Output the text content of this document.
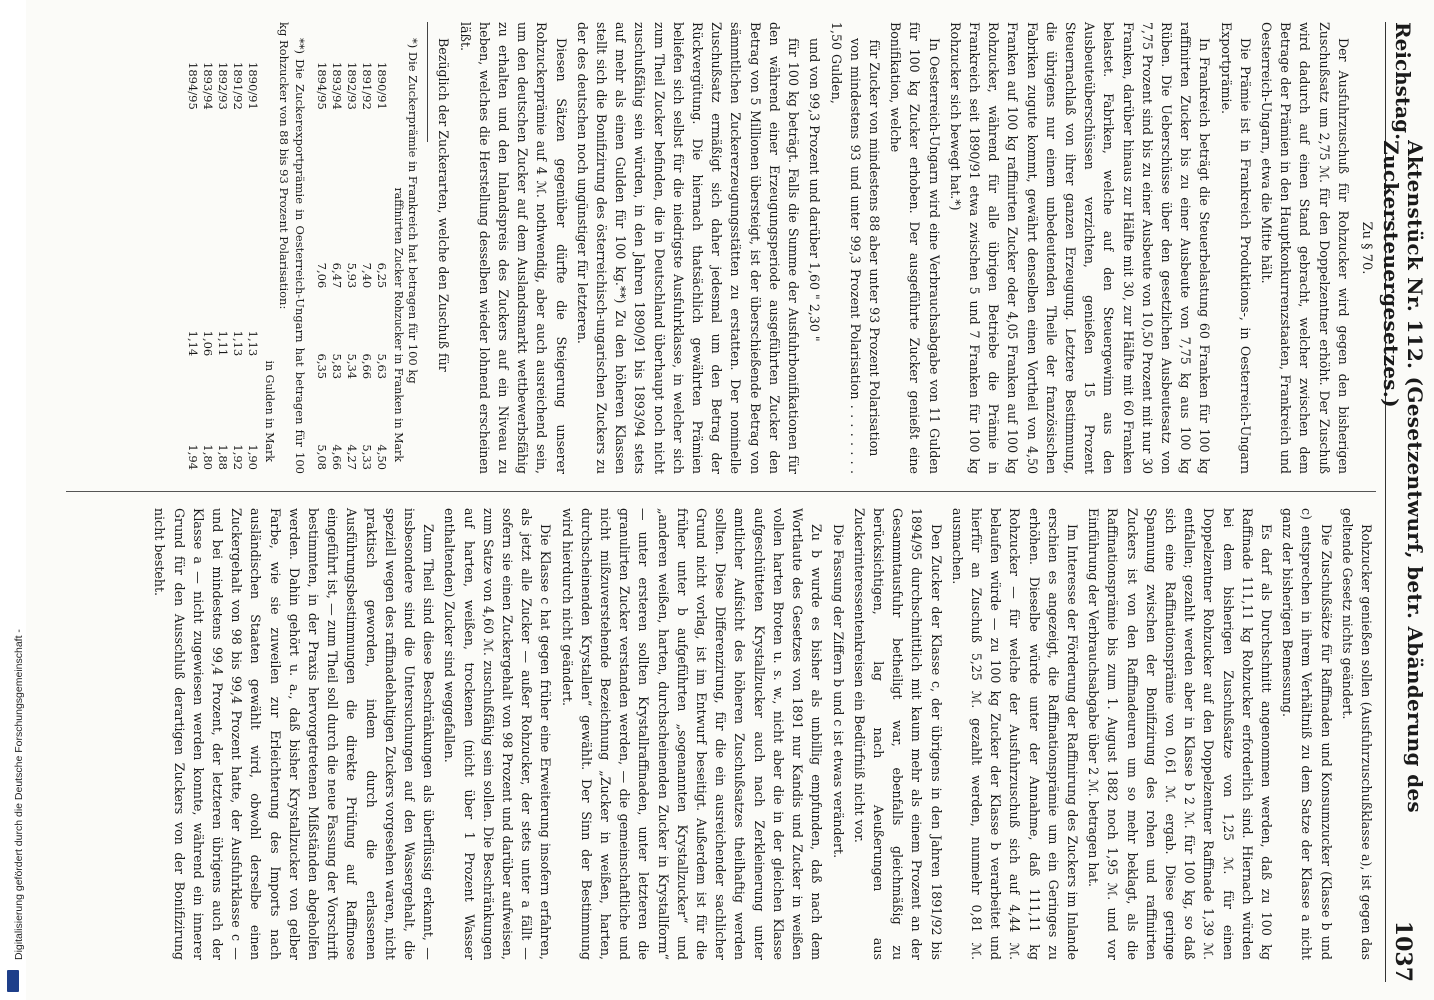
Digitalisierung gefördert durch die Deutsche Forschungsgemeinschaft -
Reichstag.
Aktenstück Nr. 112. (Gesetzentwurf, betr. Abänderung des Zuckersteuergesetzes.)
1037

Zu § 70.

Der Ausfuhrzuschuß für Rohzucker wird gegen den bisherigen Zuschußsatz um 2,75 ℳ. für den Doppelzentner erhöht. Der Zuschuß wird dadurch auf einen Stand gebracht, welcher zwischen dem Betrage der Prämien in den Hauptkonkurrenzstaaten, Frankreich und Oesterreich-Ungarn, etwa die Mitte hält.

Die Prämie ist in Frankreich Produktions-, in Oesterreich-Ungarn Exportprämie.

In Frankreich beträgt die Steuerbelastung 60 Franken für 100 kg raffinirten Zucker bis zu einer Ausbeute von 7,75 kg aus 100 kg Rüben. Die Ueberschüsse über den gesetzlichen Ausbeutesatz von 7,75 Prozent sind bis zu einer Ausbeute von 10,50 Prozent mit nur 30 Franken, darüber hinaus zur Hälfte mit 30, zur Hälfte mit 60 Franken belastet. Fabriken, welche auf den Steuergewinn aus den Ausbeuteüberschüssen verzichten, genießen 15 Prozent Steuernachlaß von ihrer ganzen Erzeugung. Letztere Bestimmung, die übrigens nur einem unbedeutenden Theile der französischen Fabriken zugute kommt, gewährt denselben einen Vortheil von 4,50 Franken auf 100 kg raffinirten Zucker oder 4,05 Franken auf 100 kg Rohzucker, während für alle übrigen Betriebe die Prämie in Frankreich seit 1890/91 etwa zwischen 5 und 7 Franken für 100 kg Rohzucker sich bewegt hat.*)

In Oesterreich-Ungarn wird eine Verbrauchsabgabe von 11 Gulden für 100 kg Zucker erhoben. Der ausgeführte Zucker genießt eine Bonifikation, welche

für Zucker von mindestens 88 aber unter 93 Prozent Polarisation

von mindestens 93 und unter 99,3 Prozent Polarisation . . . . . . . . 1,50 Gulden,

und von 99,3 Prozent und darüber 1,60 " 2,30 "

für 100 kg beträgt. Falls die Summe der Ausfuhrbonifikationen für den während einer Erzeugungsperiode ausgeführten Zucker den Betrag von 5 Millionen übersteigt, ist der überschießende Betrag von sämmtlichen Zuckererzeugungsstätten zu erstatten. Der nominelle Zuschußsatz ermäßigt sich daher jedesmal um den Betrag der Rückvergütung. Die hiernach thatsächlich gewährten Prämien beliefen sich selbst für die niedrigste Ausfuhrklasse, in welcher sich zum Theil Zucker befinden, die in Deutschland überhaupt noch nicht zuschußfähig sein würden, in den Jahren 1890/91 bis 1893/94 stets auf mehr als einen Gulden für 100 kg.**) Zu den höheren Klassen stellt sich die Bonifizirung des österreichisch-ungarischen Zuckers zu der des deutschen noch ungünstiger für letzteren.

Diesen Sätzen gegenüber dürfte die Steigerung unserer Rohzuckerprämie auf 4 ℳ. nothwendig, aber auch ausreichend sein, um den deutschen Zucker auf dem Auslandsmarkt wettbewerbsfähig zu erhalten und den Inlandspreis des Zuckers auf ein Niveau zu heben, welches die Herstellung desselben wieder lohnend erscheinen läßt.

Bezüglich der Zuckerarten, welche den Zuschuß für

*) Die Zuckerprämie in Frankreich hat betragen für 100 kg

raffinirten Zucker Rohzucker in Franken in Mark
1890/91	6,25	5,63	4,50
1891/92	7,40	6,66	5,33
1892/93	5,93	5,34	4,27
1893/94	6,47	5,83	4,66
1894/95	7,06	6,35	5,08

**) Die Zuckerexportprämie in Oesterreich-Ungarn hat betragen für 100 kg Rohzucker von 88 bis 93 Prozent Polarisation:

in Gulden in Mark
1890/91	1,13	1,90
1891/92	1,13	1,92
1892/93	1,11	1,88
1893/94	1,06	1,80
1894/95	1,14	1,94

Rohzucker genießen sollen (Ausfuhrzuschußklasse a), ist gegen das geltende Gesetz nichts geändert.

Die Zuschußsätze für Raffinaden und Konsumzucker (Klasse b und c) entsprechen in ihrem Verhältniß zu dem Satze der Klasse a nicht ganz der bisherigen Bemessung.

Es darf als Durchschnitt angenommen werden, daß zu 100 kg Raffinade 111,11 kg Rohzucker erforderlich sind. Hiernach würden bei dem bisherigen Zuschußsatze von 1,25 ℳ. für einen Doppelzentner Rohzucker auf den Doppelzentner Raffinade 1,39 ℳ. entfallen; gezahlt werden aber in Klasse b 2 ℳ. für 100 kg, so daß sich eine Raffinationsprämie von 0,61 ℳ. ergab. Diese geringe Spannung zwischen der Bonifizirung des rohen und raffinirten Zuckers ist von den Raffinadeuren um so mehr beklagt, als die Raffinationsprämie bis zum 1. August 1882 noch 1,95 ℳ. und vor Einführung der Verbrauchsabgabe über 2 ℳ. betragen hat.

Im Interesse der Förderung der Raffinirung des Zuckers im Inlande erschien es angezeigt, die Raffinationsprämie um ein Geringes zu erhöhen. Dieselbe würde unter der Annahme, daß 111,11 kg Rohzucker — für welche der Ausfuhrzuschuß sich auf 4,44 ℳ. belaufen würde — zu 100 kg Zucker der Klasse b verarbeitet und hierfür an Zuschuß 5,25 ℳ. gezahlt werden, nunmehr 0,81 ℳ. ausmachen.

Den Zucker der Klasse c, der übrigens in den Jahren 1891/92 bis 1894/95 durchschnittlich mit kaum mehr als einem Prozent an der Gesammtausfuhr betheiligt war, ebenfalls gleichmäßig zu berücksichtigen, lag nach Aeußerungen aus Zuckerinteressentenkreisen ein Bedürfniß nicht vor.

Die Fassung der Ziffern b und c ist etwas verändert.

Zu b wurde es bisher als unbillig empfunden, daß nach dem Wortlaute des Gesetzes von 1891 nur Kandis und Zucker in weißen vollen harten Broten u. s. w., nicht aber die in der gleichen Klasse aufgeschütteten Krystallzucker auch nach Zerkleinerung unter amtlicher Aufsicht des höheren Zuschußsatzes theilhaftig werden sollten. Diese Differenzirung, für die ein ausreichender sachlicher Grund nicht vorlag, ist im Entwurf beseitigt. Außerdem ist für die früher unter b aufgeführten „sogenannten Krystallzucker“ und „anderen weißen, harten, durchscheinenden Zucker in Krystallform“ — unter ersteren sollten Krystallraffinaden, unter letzteren die granulirten Zucker verstanden werden, — die gemeinschaftliche und nicht mißzuverstehende Bezeichnung „Zucker in weißen, harten, durchscheinenden Krystallen“ gewählt. Der Sinn der Bestimmung wird hierdurch nicht geändert.

Die Klasse c hat gegen früher eine Erweiterung insofern erfahren, als jetzt alle Zucker — außer Rohzucker, der stets unter a fällt — sofern sie einen Zuckergehalt von 98 Prozent und darüber aufweisen, zum Satze von 4,60 ℳ. zuschußfähig sein sollen. Die Beschränkungen auf harten, weißen, trockenen (nicht über 1 Prozent Wasser enthaltenden) Zucker sind weggefallen.

Zum Theil sind diese Beschränkungen als überflüssig erkannt, — insbesondere sind die Untersuchungen auf den Wassergehalt, die speziell wegen des raffinadehaltigen Zuckers vorgesehen waren, nicht praktisch geworden, indem durch die erlassenen Ausführungsbestimmungen die direkte Prüfung auf Raffinose eingeführt ist, — zum Theil soll durch die neue Fassung der Vorschrift bestimmten, in der Praxis hervorgetretenen Mißständen abgeholfen werden. Dahin gehört u. a., daß bisher Krystallzucker von gelber Farbe, wie sie zuweilen zur Erleichterung des Imports nach ausländischen Staaten gewählt wird, obwohl derselbe einen Zuckergehalt von 98 bis 99,4 Prozent hatte, der Ausfuhrklasse c — und bei mindestens 99,4 Prozent, der letzteren übrigens auch der Klasse a — nicht zugewiesen werden konnte, während ein innerer Grund für den Ausschluß derartigen Zuckers von der Bonifizirung nicht besteht.
